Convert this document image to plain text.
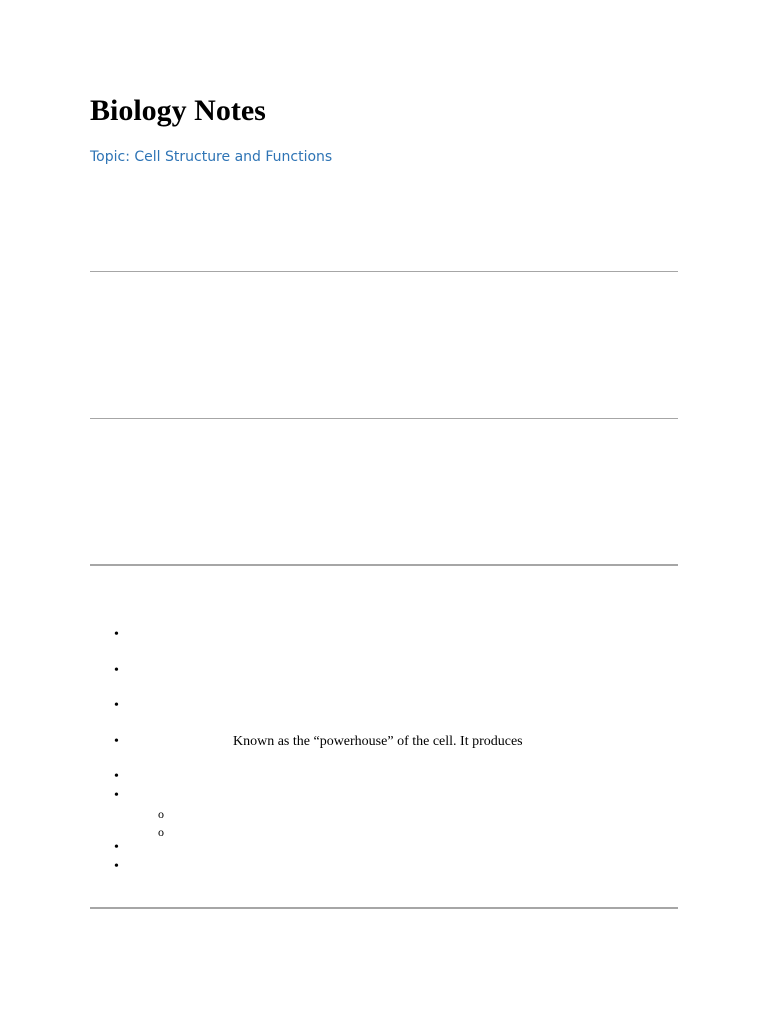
Biology Notes
Topic: Cell Structure and Functions
•
•
•
•	Known as the “powerhouse” of the cell. It produces
•
•
o
o
•
•
